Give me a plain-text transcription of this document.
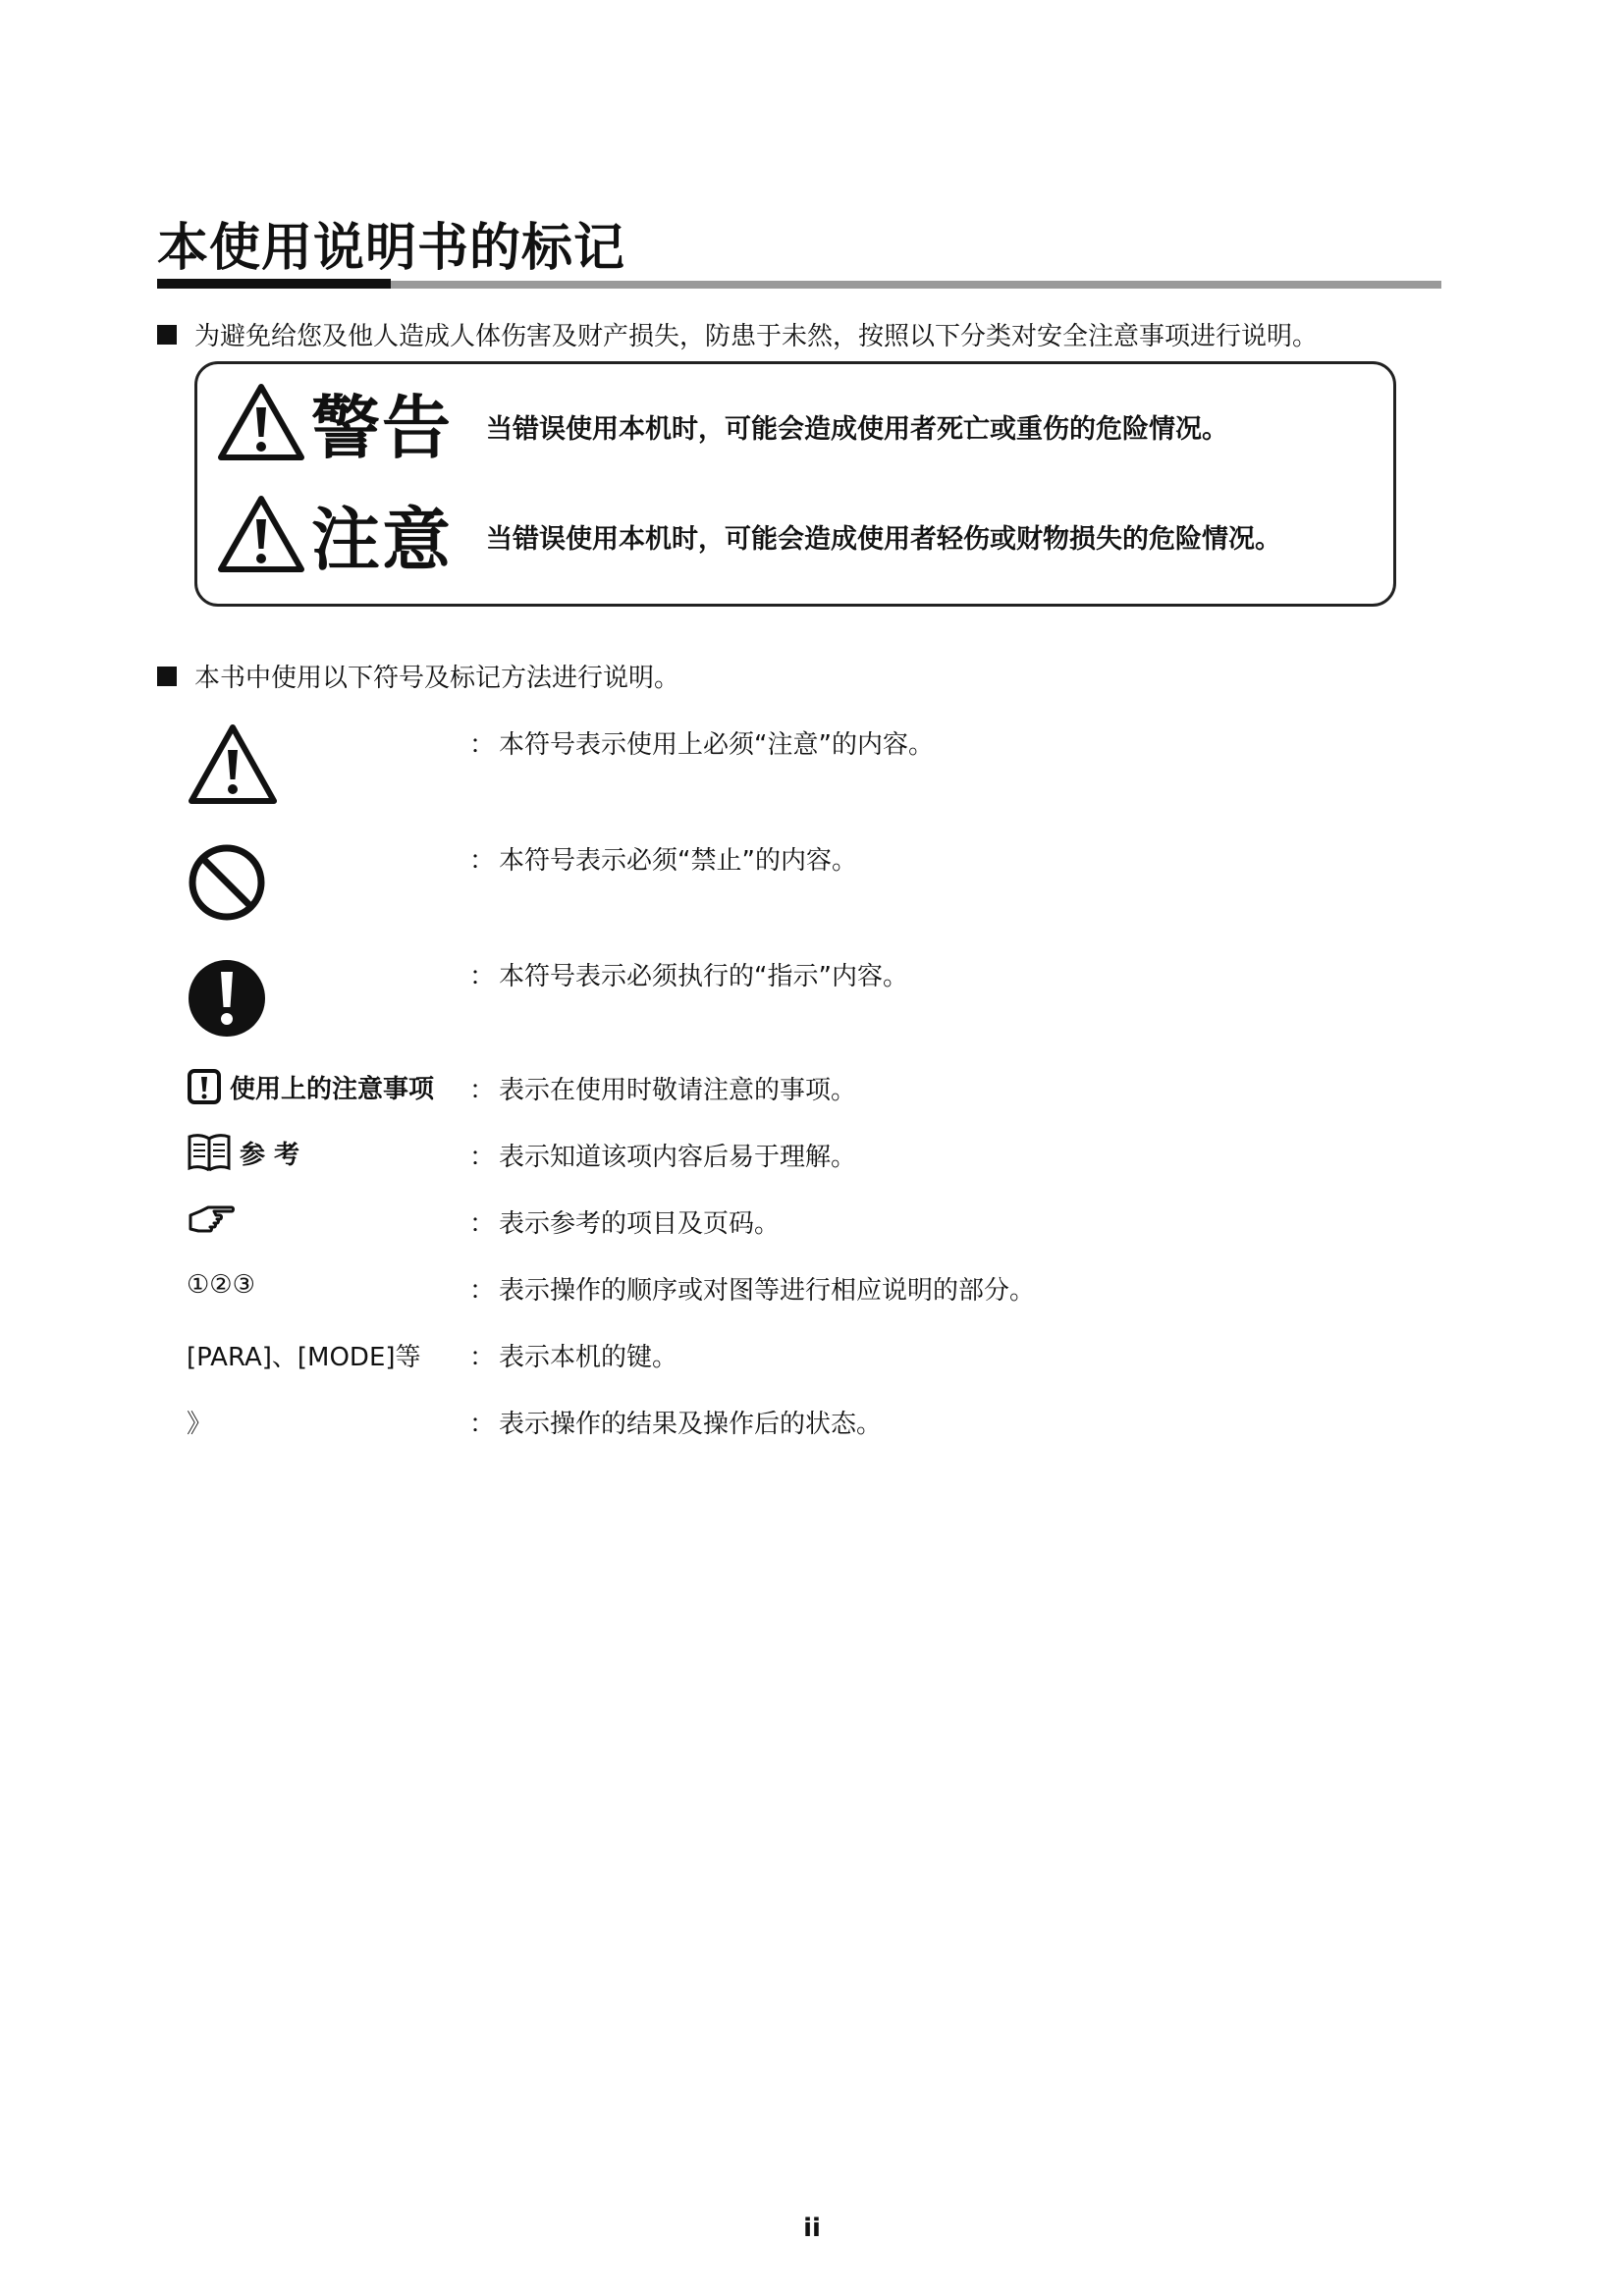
本使用说明书的标记
为避免给您及他人造成人体伤害及财产损失，防患于未然，按照以下分类对安全注意事项进行说明。
警告 当错误使用本机时，可能会造成使用者死亡或重伤的危险情况。
注意 当错误使用本机时，可能会造成使用者轻伤或财物损失的危险情况。
本书中使用以下符号及标记方法进行说明。
： 本符号表示使用上必须“注意”的内容。
： 本符号表示必须“禁止”的内容。
： 本符号表示必须执行的“指示”内容。
使用上的注意事项 ： 表示在使用时敬请注意的事项。
参 考	： 表示知道该项内容后易于理解。
： 表示参考的项目及页码。
①②③	： 表示操作的顺序或对图等进行相应说明的部分。
[PARA]、[MODE]等 ： 表示本机的键。
》	： 表示操作的结果及操作后的状态。
ii
